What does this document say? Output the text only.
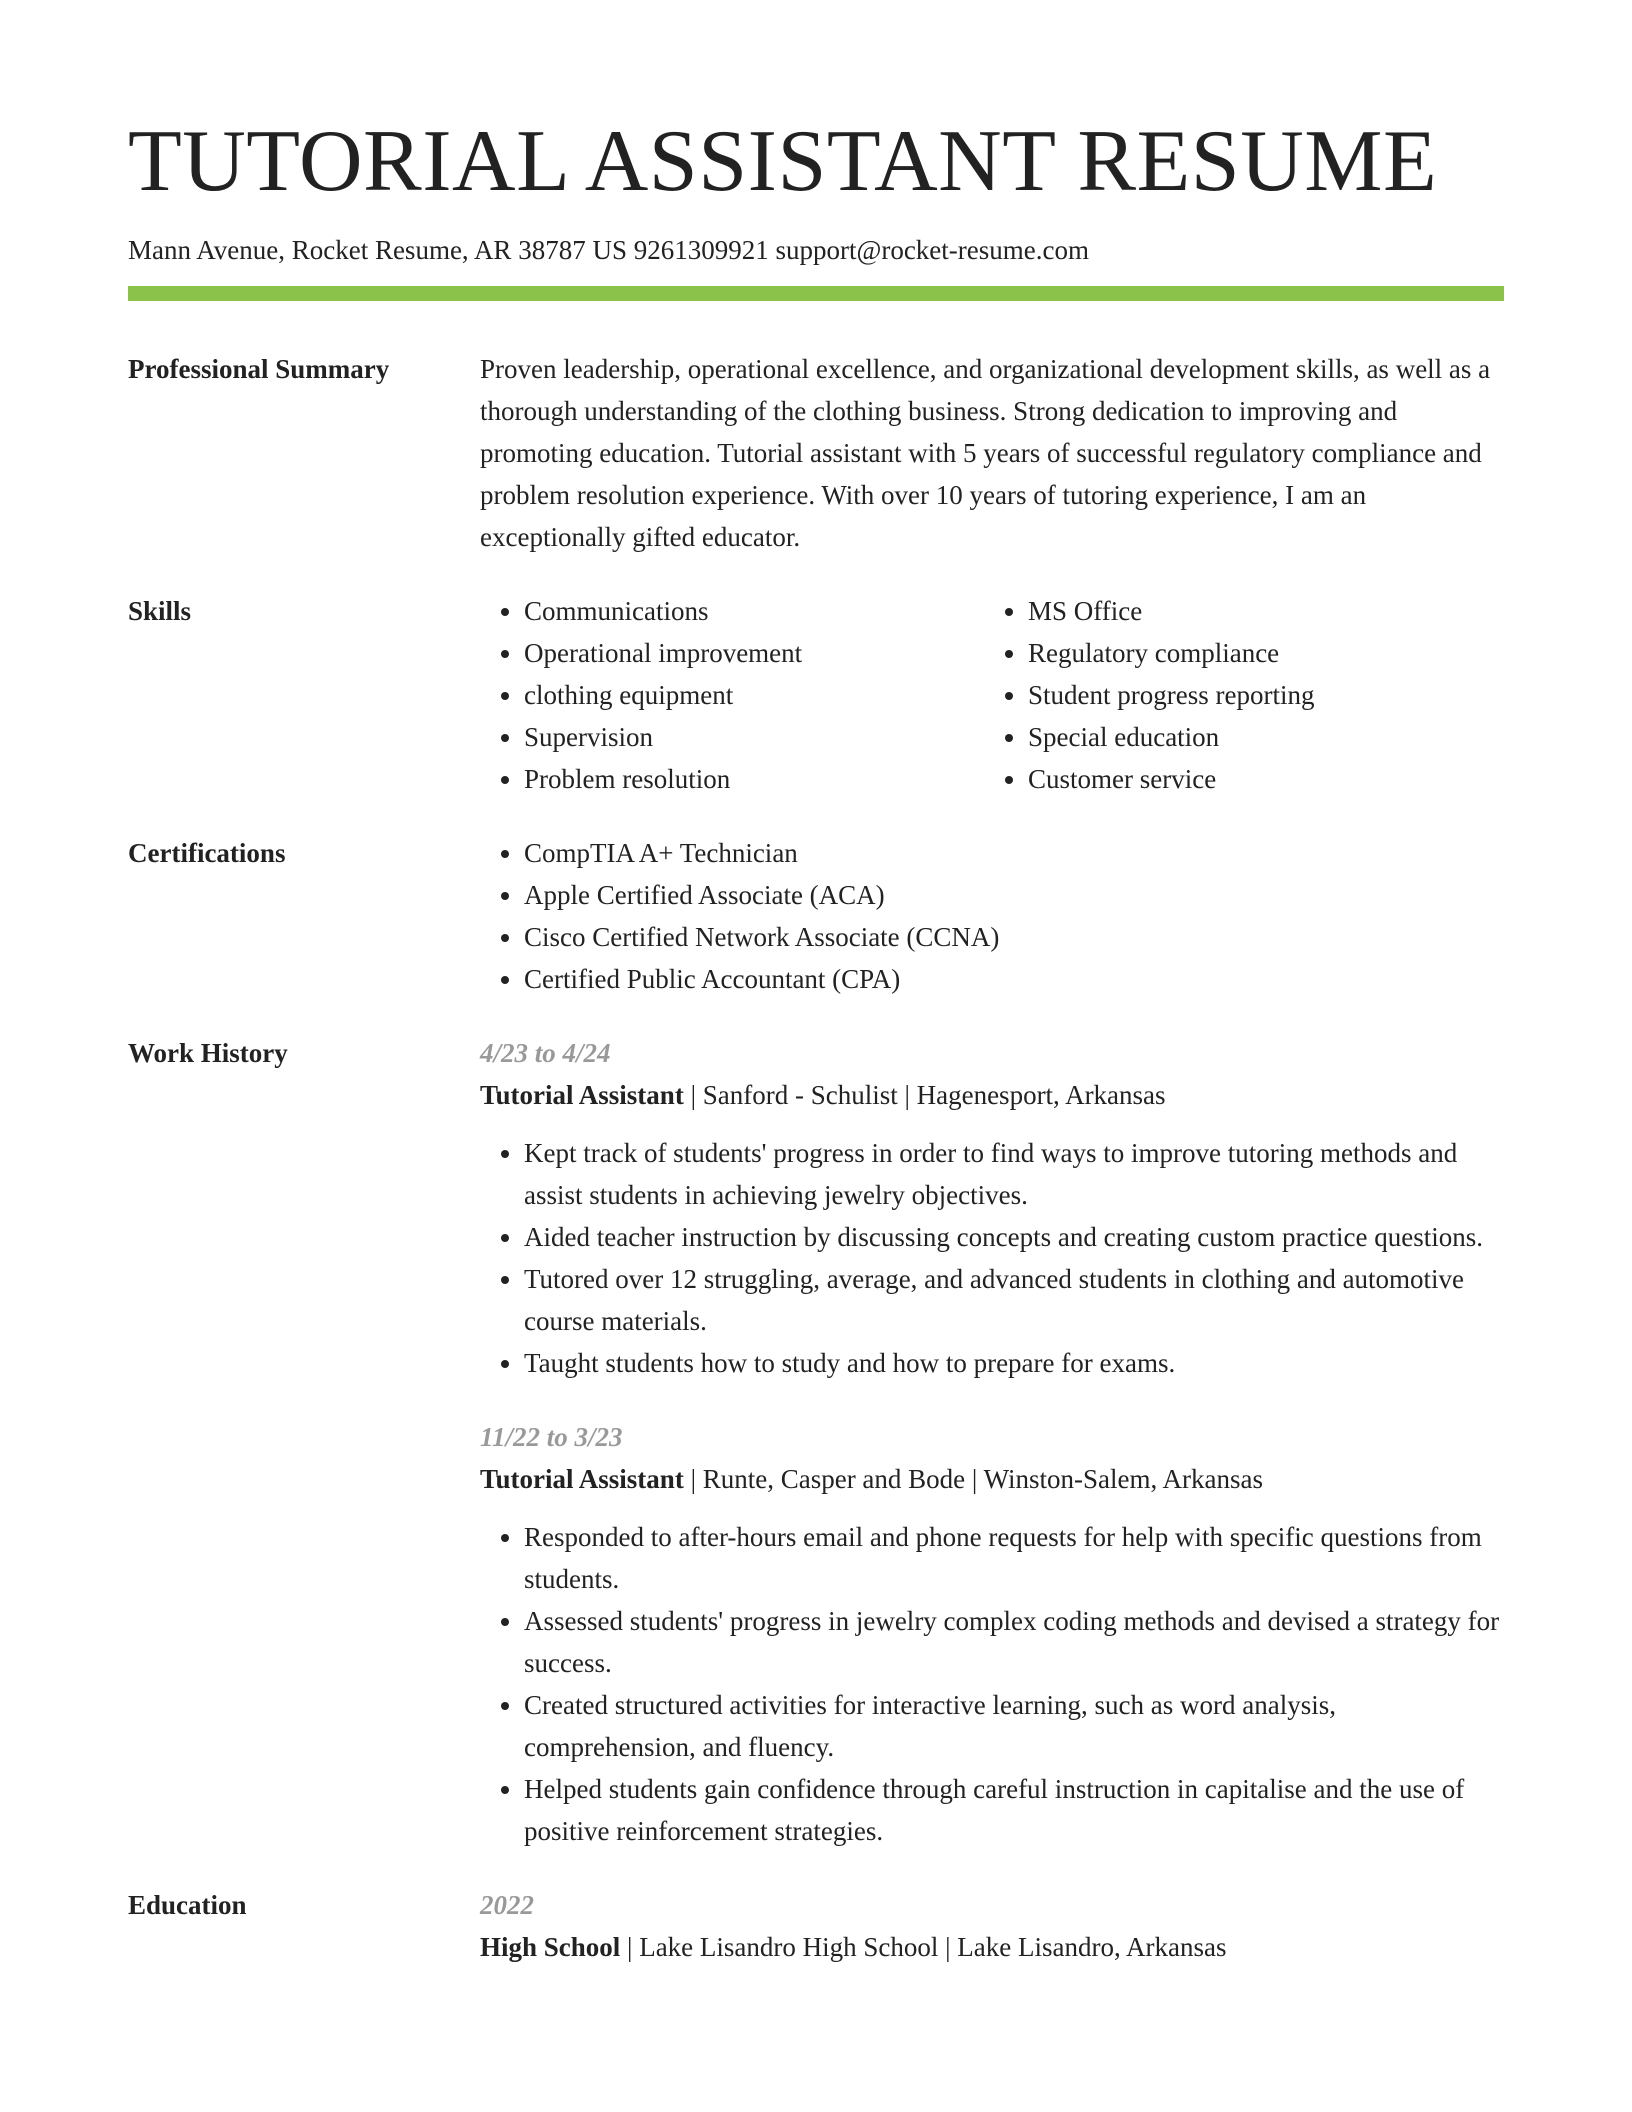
TUTORIAL ASSISTANT RESUME
Mann Avenue, Rocket Resume, AR 38787 US 9261309921 support@rocket-resume.com
Professional Summary	Proven leadership, operational excellence, and organizational development skills, as well as a thorough understanding of the clothing business. Strong dedication to improving and promoting education. Tutorial assistant with 5 years of successful regulatory compliance and problem resolution experience. With over 10 years of tutoring experience, I am an exceptionally gifted educator.

Skills	• Communications
• Operational improvement
• clothing equipment
• Supervision
• Problem resolution
• MS Office
• Regulatory compliance
• Student progress reporting
• Special education
• Customer service
Certifications	• CompTIA A+ Technician
• Apple Certified Associate (ACA)
• Cisco Certified Network Associate (CCNA)
• Certified Public Accountant (CPA)
Work History	4/23 to 4/24
Tutorial Assistant | Sanford - Schulist | Hagenesport, Arkansas
• Kept track of students' progress in order to find ways to improve tutoring methods and assist students in achieving jewelry objectives.
• Aided teacher instruction by discussing concepts and creating custom practice questions.
• Tutored over 12 struggling, average, and advanced students in clothing and automotive course materials.
• Taught students how to study and how to prepare for exams.
11/22 to 3/23
Tutorial Assistant | Runte, Casper and Bode | Winston-Salem, Arkansas
• Responded to after-hours email and phone requests for help with specific questions from students.
• Assessed students' progress in jewelry complex coding methods and devised a strategy for success.
• Created structured activities for interactive learning, such as word analysis, comprehension, and fluency.
• Helped students gain confidence through careful instruction in capitalise and the use of positive reinforcement strategies.
Education	2022
High School | Lake Lisandro High School | Lake Lisandro, Arkansas
